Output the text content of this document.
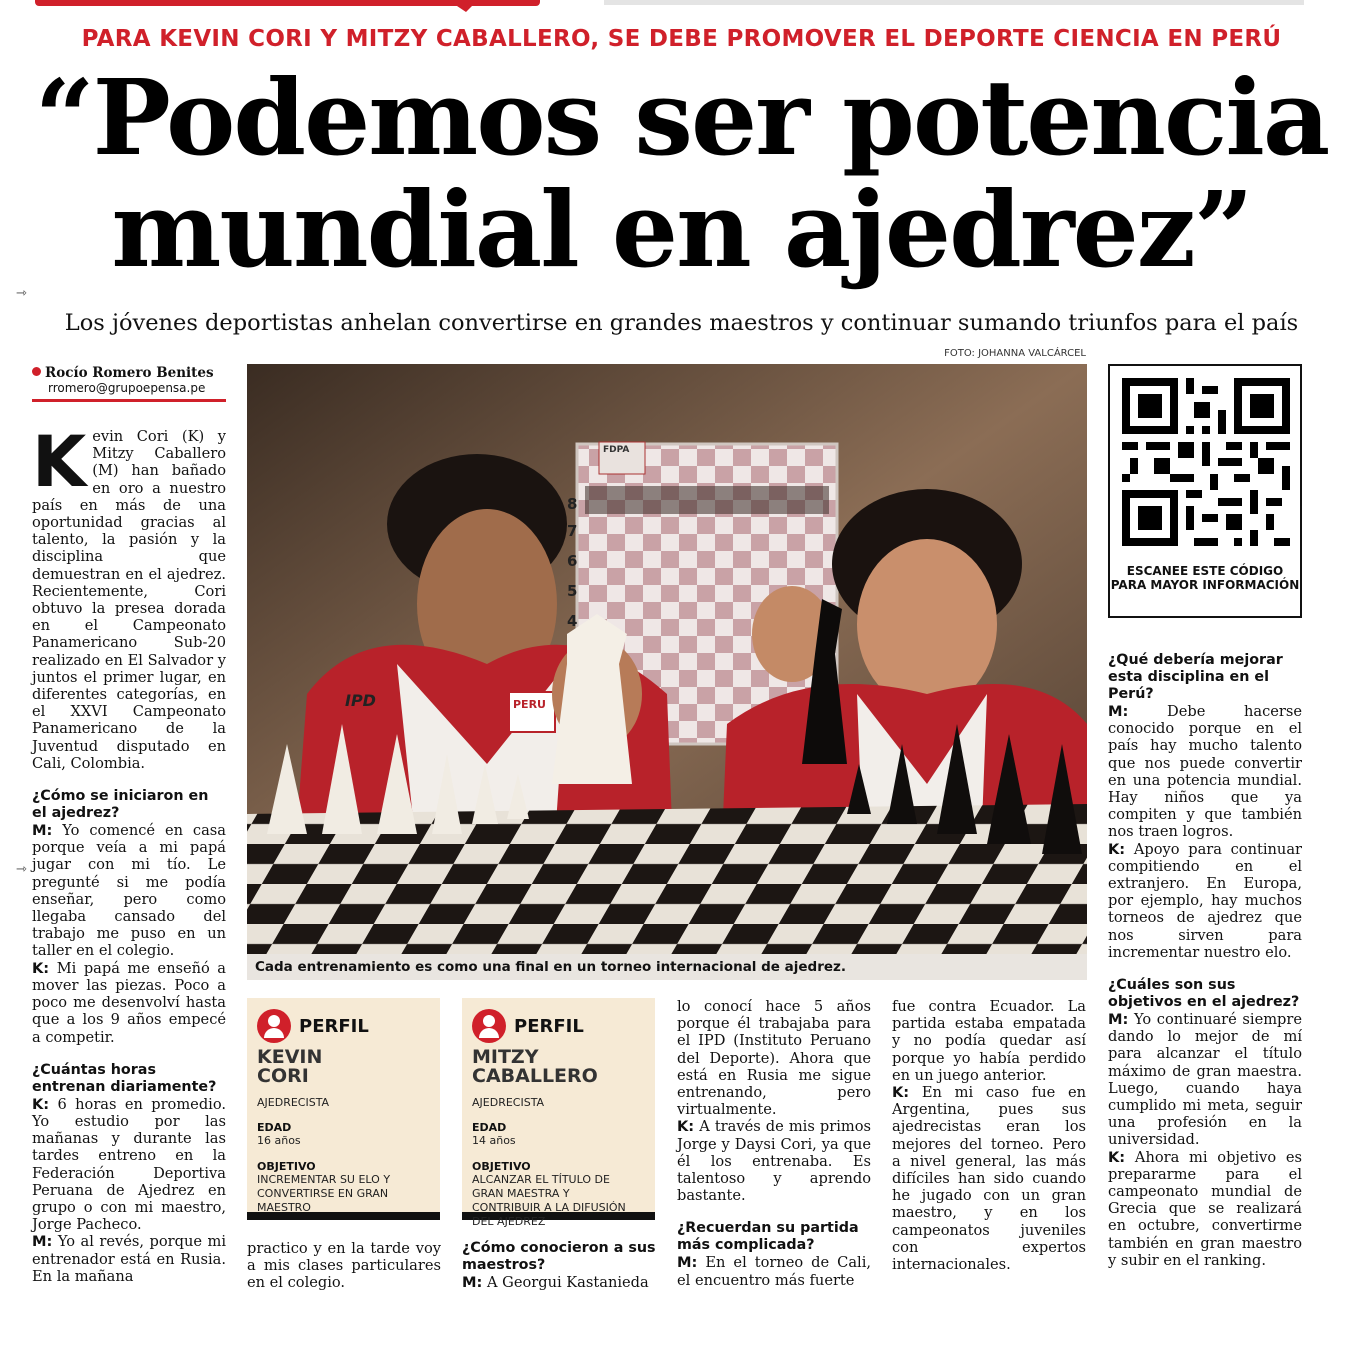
PARA KEVIN CORI Y MITZY CABALLERO, SE DEBE PROMOVER EL DEPORTE CIENCIA EN PERÚ
“Podemos ser potencia
mundial en ajedrez”
⇾
⇾
Los jóvenes deportistas anhelan convertirse en grandes maestros y continuar sumando triunfos para el país
Rocío Romero Benites
rromero@grupoepensa.pe

Kevin Cori (K) y Mitzy Caballero (M) han bañado en oro a nuestro país en más de una oportunidad gracias al talento, la pasión y la disciplina que demuestran en el ajedrez. Recientemente, Cori obtuvo la presea dorada en el Campeonato Panamericano Sub-20 realizado en El Salvador y juntos el primer lugar, en diferentes categorías, en el XXVI Campeonato Panamericano de la Juventud disputado en Cali, Colombia.

¿Cómo se iniciaron en el ajedrez?

M: Yo comencé en casa porque veía a mi papá jugar con mi tío. Le pregunté si me podía enseñar, pero como llegaba cansado del trabajo me puso en un taller en el colegio.

K: Mi papá me enseñó a mover las piezas. Poco a poco me desenvolví hasta que a los 9 años empecé a competir.

¿Cuántas horas entrenan diariamente?

K: 6 horas en promedio. Yo estudio por las mañanas y durante las tardes entreno en la Federación Deportiva Peruana de Ajedrez en grupo o con mi maestro, Jorge Pacheco.

M: Yo al revés, porque mi entrenador está en Rusia. En la mañana

FOTO: JOHANNA VALCÁRCEL
8
7
6
5
4
FDPA
IPD	PERU
Cada entrenamiento es como una final en un torneo internacional de ajedrez.
PERFIL
KEVIN CORI
AJEDRECISTA
EDAD
16 años
OBJETIVO
INCREMENTAR SU ELO Y CONVERTIRSE EN GRAN MAESTRO
PERFIL
MITZY CABALLERO
AJEDRECISTA
EDAD
14 años
OBJETIVO
ALCANZAR EL TÍTULO DE GRAN MAESTRA Y CONTRIBUIR A LA DIFUSIÓN DEL AJEDREZ

practico y en la tarde voy a mis clases particulares en el colegio.

¿Cómo conocieron a sus maestros?

M: A Georgui Kastanieda

lo conocí hace 5 años porque él trabajaba para el IPD (Instituto Peruano del Deporte). Ahora que está en Rusia me sigue entrenando, pero virtualmente.

K: A través de mis primos Jorge y Daysi Cori, ya que él los entrenaba. Es talentoso y aprendo bastante.

¿Recuerdan su partida más complicada?

M: En el torneo de Cali, el encuentro más fuerte

fue contra Ecuador. La partida estaba empatada y no podía quedar así porque yo había perdido en un juego anterior.

K: En mi caso fue en Argentina, pues sus ajedrecistas eran los mejores del torneo. Pero a nivel general, las más difíciles han sido cuando he jugado con un gran maestro, y en los campeonatos juveniles con expertos internacionales.

ESCANEE ESTE CÓDIGO PARA MAYOR INFORMACIÓN

¿Qué debería mejorar esta disciplina en el Perú?

M:	Debe hacerse conocido porque en el país hay mucho talento que nos puede convertir en una potencia mundial. Hay niños que ya compiten y que también nos traen logros.

K: Apoyo para continuar compitiendo en el extranjero. En Europa, por ejemplo, hay muchos torneos de ajedrez que nos sirven para incrementar nuestro elo.

¿Cuáles son sus objetivos en el ajedrez?

M: Yo continuaré siempre dando lo mejor de mí para alcanzar el título máximo de gran maestra. Luego, cuando haya cumplido mi meta, seguir una profesión en la universidad.

K: Ahora mi objetivo es prepararme para el campeonato mundial de Grecia que se realizará en octubre, convertirme también en gran maestro y subir en el ranking.
